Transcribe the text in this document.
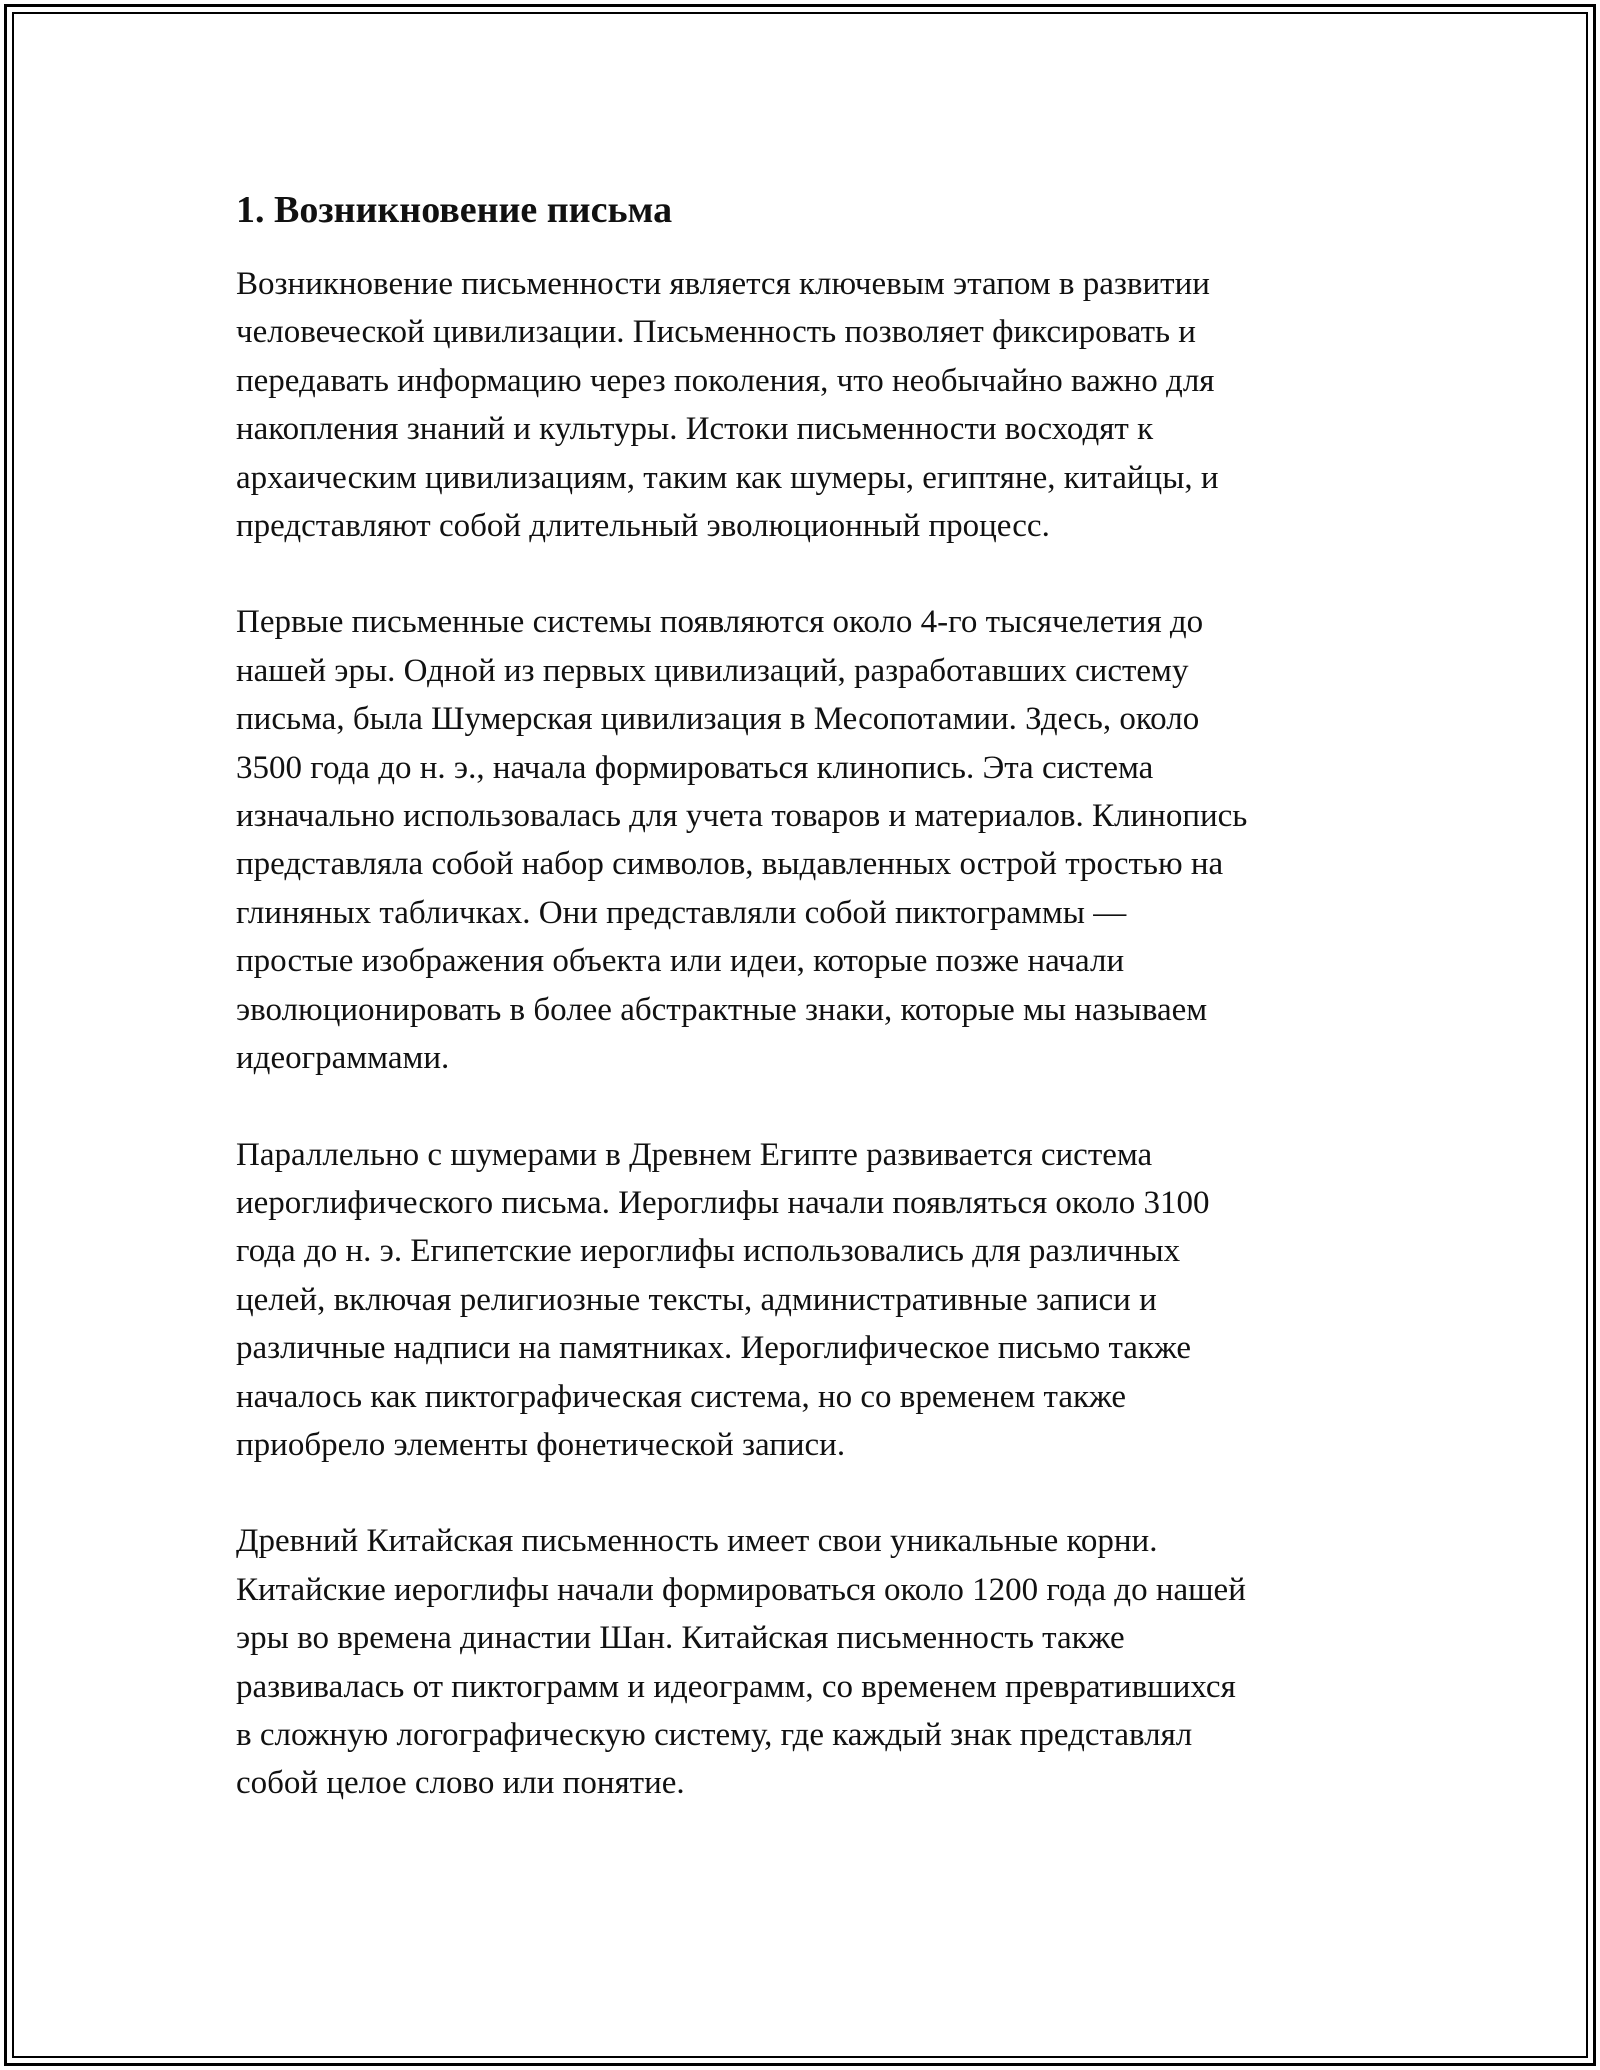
1. Возникновение письма

Возникновение письменности является ключевым этапом в развитии
человеческой цивилизации. Письменность позволяет фиксировать и
передавать информацию через поколения, что необычайно важно для
накопления знаний и культуры. Истоки письменности восходят к
архаическим цивилизациям, таким как шумеры, египтяне, китайцы, и
представляют собой длительный эволюционный процесс.

Первые письменные системы появляются около 4-го тысячелетия до
нашей эры. Одной из первых цивилизаций, разработавших систему
письма, была Шумерская цивилизация в Месопотамии. Здесь, около
3500 года до н. э., начала формироваться клинопись. Эта система
изначально использовалась для учета товаров и материалов. Клинопись
представляла собой набор символов, выдавленных острой тростью на
глиняных табличках. Они представляли собой пиктограммы —
простые изображения объекта или идеи, которые позже начали
эволюционировать в более абстрактные знаки, которые мы называем
идеограммами.

Параллельно с шумерами в Древнем Египте развивается система
иероглифического письма. Иероглифы начали появляться около 3100
года до н. э. Египетские иероглифы использовались для различных
целей, включая религиозные тексты, административные записи и
различные надписи на памятниках. Иероглифическое письмо также
началось как пиктографическая система, но со временем также
приобрело элементы фонетической записи.

Древний Китайская письменность имеет свои уникальные корни.
Китайские иероглифы начали формироваться около 1200 года до нашей
эры во времена династии Шан. Китайская письменность также
развивалась от пиктограмм и идеограмм, со временем превратившихся
в сложную логографическую систему, где каждый знак представлял
собой целое слово или понятие.
